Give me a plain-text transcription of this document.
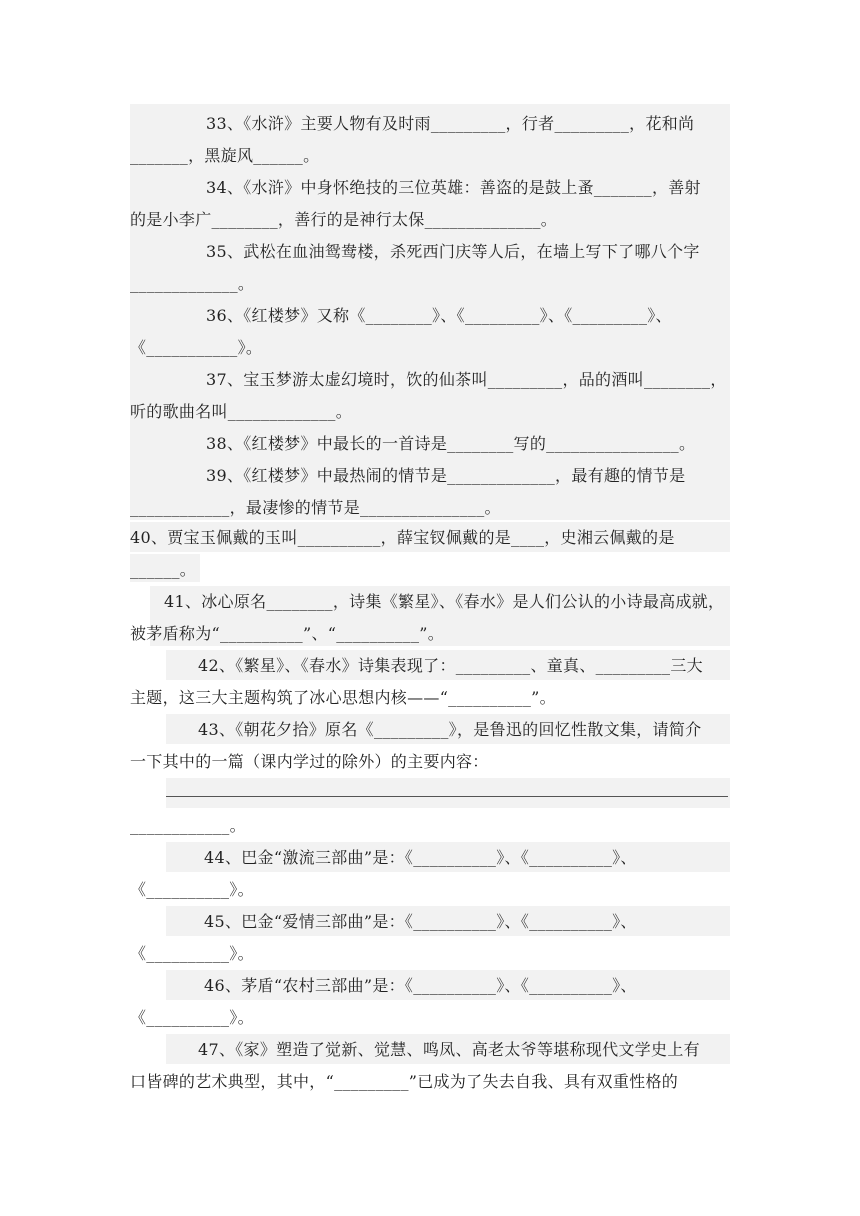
33、《水浒》主要人物有及时雨_________，行者_________，花和尚
_______，黑旋风______。
34、《水浒》中身怀绝技的三位英雄：善盗的是鼓上蚤_______，善射
的是小李广________，善行的是神行太保______________。
35、武松在血油鸳鸯楼，杀死西门庆等人后，在墙上写下了哪八个字
_____________。
36、《红楼梦》又称《________》、《_________》、《_________》、
《___________》。
37、宝玉梦游太虚幻境时，饮的仙茶叫_________，品的酒叫________，
听的歌曲名叫_____________。
38、《红楼梦》中最长的一首诗是________写的________________。
39、《红楼梦》中最热闹的情节是_____________，最有趣的情节是
____________，最凄惨的情节是_______________。
40、贾宝玉佩戴的玉叫__________，薛宝钗佩戴的是____，史湘云佩戴的是
______。
41、冰心原名________，诗集《繁星》、《春水》是人们公认的小诗最高成就，
被茅盾称为“__________”、“__________”。
42、《繁星》、《春水》诗集表现了：_________、童真、_________三大
主题，这三大主题构筑了冰心思想内核——“__________”。
43、《朝花夕拾》原名《_________》，是鲁迅的回忆性散文集，请简介
一下其中的一篇（课内学过的除外）的主要内容：
____________。
44、巴金“激流三部曲”是：《__________》、《__________》、
《__________》。
45、巴金“爱情三部曲”是：《__________》、《__________》、
《__________》。
46、茅盾“农村三部曲”是：《__________》、《__________》、
《__________》。
47、《家》塑造了觉新、觉慧、鸣凤、高老太爷等堪称现代文学史上有
口皆碑的艺术典型，其中，“_________”已成为了失去自我、具有双重性格的
